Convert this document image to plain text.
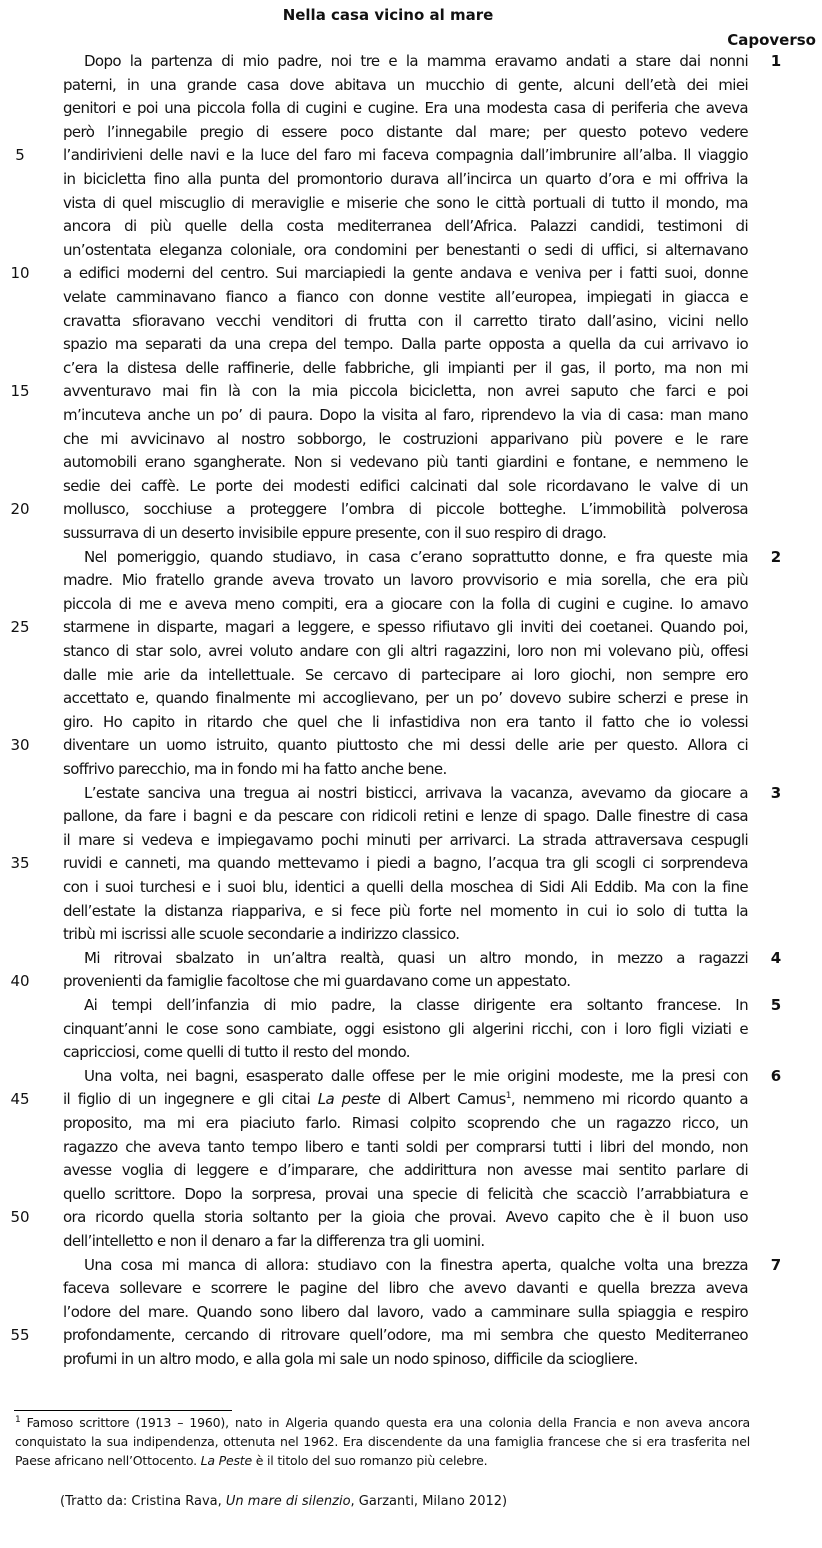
Nella casa vicino al mare
Capoverso
Dopo la partenza di mio padre, noi tre e la mamma eravamo andati a stare dai nonni	1
paterni, in una grande casa dove abitava un mucchio di gente, alcuni dell’età dei miei
genitori e poi una piccola folla di cugini e cugine. Era una modesta casa di periferia che aveva
però l’innegabile pregio di essere poco distante dal mare; per questo potevo vedere
l’andirivieni delle navi e la luce del faro mi faceva compagnia dall’imbrunire all’alba. Il viaggio
5
in bicicletta fino alla punta del promontorio durava all’incirca un quarto d’ora e mi offriva la
vista di quel miscuglio di meraviglie e miserie che sono le città portuali di tutto il mondo, ma
ancora di più quelle della costa mediterranea dell’Africa. Palazzi candidi, testimoni di
un’ostentata eleganza coloniale, ora condomini per benestanti o sedi di uffici, si alternavano
a edifici moderni del centro. Sui marciapiedi la gente andava e veniva per i fatti suoi, donne
10
velate camminavano fianco a fianco con donne vestite all’europea, impiegati in giacca e
cravatta sfioravano vecchi venditori di frutta con il carretto tirato dall’asino, vicini nello
spazio ma separati da una crepa del tempo. Dalla parte opposta a quella da cui arrivavo io
c’era la distesa delle raffinerie, delle fabbriche, gli impianti per il gas, il porto, ma non mi
avventuravo mai fin là con la mia piccola bicicletta, non avrei saputo che farci e poi
15
m’incuteva anche un po’ di paura. Dopo la visita al faro, riprendevo la via di casa: man mano
che mi avvicinavo al nostro sobborgo, le costruzioni apparivano più povere e le rare
automobili erano sgangherate. Non si vedevano più tanti giardini e fontane, e nemmeno le
sedie dei caffè. Le porte dei modesti edifici calcinati dal sole ricordavano le valve di un
mollusco, socchiuse a proteggere l’ombra di piccole botteghe. L’immobilità polverosa
20
sussurrava di un deserto invisibile eppure presente, con il suo respiro di drago.
Nel pomeriggio, quando studiavo, in casa c’erano soprattutto donne, e fra queste mia	2
madre. Mio fratello grande aveva trovato un lavoro provvisorio e mia sorella, che era più
piccola di me e aveva meno compiti, era a giocare con la folla di cugini e cugine. Io amavo
starmene in disparte, magari a leggere, e spesso rifiutavo gli inviti dei coetanei. Quando poi,
25
stanco di star solo, avrei voluto andare con gli altri ragazzini, loro non mi volevano più, offesi
dalle mie arie da intellettuale. Se cercavo di partecipare ai loro giochi, non sempre ero
accettato e, quando finalmente mi accoglievano, per un po’ dovevo subire scherzi e prese in
giro. Ho capito in ritardo che quel che li infastidiva non era tanto il fatto che io volessi
diventare un uomo istruito, quanto piuttosto che mi dessi delle arie per questo. Allora ci
30
soffrivo parecchio, ma in fondo mi ha fatto anche bene.
L’estate sanciva una tregua ai nostri bisticci, arrivava la vacanza, avevamo da giocare a	3
pallone, da fare i bagni e da pescare con ridicoli retini e lenze di spago. Dalle finestre di casa
il mare si vedeva e impiegavamo pochi minuti per arrivarci. La strada attraversava cespugli
ruvidi e canneti, ma quando mettevamo i piedi a bagno, l’acqua tra gli scogli ci sorprendeva
35
con i suoi turchesi e i suoi blu, identici a quelli della moschea di Sidi Ali Eddib. Ma con la fine
dell’estate la distanza riappariva, e si fece più forte nel momento in cui io solo di tutta la
tribù mi iscrissi alle scuole secondarie a indirizzo classico.
Mi ritrovai sbalzato in un’altra realtà, quasi un altro mondo, in mezzo a ragazzi	4
provenienti da famiglie facoltose che mi guardavano come un appestato.
40
Ai tempi dell’infanzia di mio padre, la classe dirigente era soltanto francese. In	5
cinquant’anni le cose sono cambiate, oggi esistono gli algerini ricchi, con i loro figli viziati e
capricciosi, come quelli di tutto il resto del mondo.
Una volta, nei bagni, esasperato dalle offese per le mie origini modeste, me la presi con	6
il figlio di un ingegnere e gli citai La peste di Albert Camus$^1$, nemmeno mi ricordo quanto a
45
proposito, ma mi era piaciuto farlo. Rimasi colpito scoprendo che un ragazzo ricco, un
ragazzo che aveva tanto tempo libero e tanti soldi per comprarsi tutti i libri del mondo, non
avesse voglia di leggere e d’imparare, che addirittura non avesse mai sentito parlare di
quello scrittore. Dopo la sorpresa, provai una specie di felicità che scacciò l’arrabbiatura e
ora ricordo quella storia soltanto per la gioia che provai. Avevo capito che è il buon uso
50
dell’intelletto e non il denaro a far la differenza tra gli uomini.
Una cosa mi manca di allora: studiavo con la finestra aperta, qualche volta una brezza	7
faceva sollevare e scorrere le pagine del libro che avevo davanti e quella brezza aveva
l’odore del mare. Quando sono libero dal lavoro, vado a camminare sulla spiaggia e respiro
profondamente, cercando di ritrovare quell’odore, ma mi sembra che questo Mediterraneo
55
profumi in un altro modo, e alla gola mi sale un nodo spinoso, difficile da sciogliere.
$^1$ Famoso scrittore (1913 – 1960), nato in Algeria quando questa era una colonia della Francia e non aveva ancora
conquistato la sua indipendenza, ottenuta nel 1962. Era discendente da una famiglia francese che si era trasferita nel
Paese africano nell’Ottocento. La Peste è il titolo del suo romanzo più celebre.
(Tratto da: Cristina Rava, Un mare di silenzio, Garzanti, Milano 2012)
